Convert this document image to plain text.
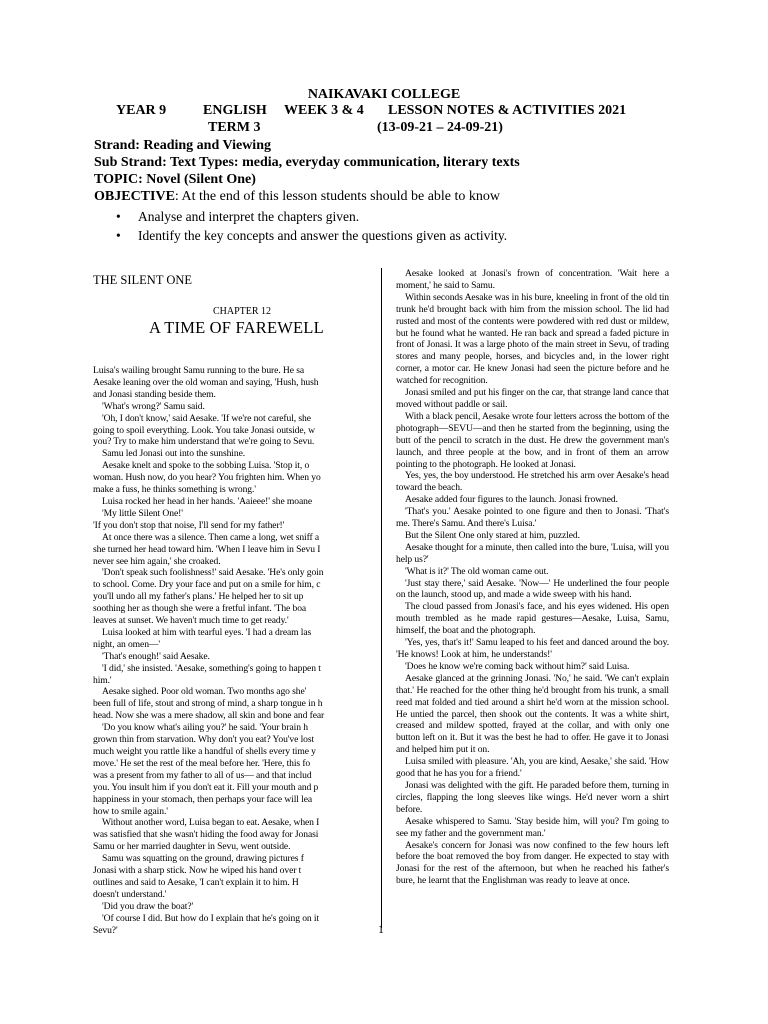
NAIKAVAKI COLLEGE
YEAR 9	ENGLISH WEEK 3 & 4 LESSON NOTES & ACTIVITIES 2021
TERM 3	(13-09-21 – 24-09-21)
Strand: Reading and Viewing
Sub Strand: Text Types: media, everyday communication, literary texts
TOPIC: Novel (Silent One)
OBJECTIVE: At the end of this lesson students should be able to know
• Analyse and interpret the chapters given.
• Identify the key concepts and answer the questions given as activity.
THE SILENT ONE
CHAPTER 12
A TIME OF FAREWELL

Luisa's wailing brought Samu running to the bure. He sa

Aesake leaning over the old woman and saying, 'Hush, hush

and Jonasi standing beside them.

'What's wrong?' Samu said.

'Oh, I don't know,' said Aesake. 'If we're not careful, she

going to spoil everything. Look. You take Jonasi outside, w

you? Try to make him understand that we're going to Sevu.

Samu led Jonasi out into the sunshine.

Aesake knelt and spoke to the sobbing Luisa. 'Stop it, o

woman. Hush now, do you hear? You frighten him. When yo

make a fuss, he thinks something is wrong.'

Luisa rocked her head in her hands. 'Aaieee!' she moane

'My little Silent One!'

'If you don't stop that noise, I'll send for my father!'

At once there was a silence. Then came a long, wet sniff a

she turned her head toward him. 'When I leave him in Sevu I

never see him again,' she croaked.

'Don't speak such foolishness!' said Aesake. 'He's only goin

to school. Come. Dry your face and put on a smile for him, c

you'll undo all my father's plans.' He helped her to sit up

soothing her as though she were a fretful infant. 'The boa

leaves at sunset. We haven't much time to get ready.'

Luisa looked at him with tearful eyes. 'I had a dream las

night, an omen—'

'That's enough!' said Aesake.

'I did,' she insisted. 'Aesake, something's going to happen t

him.'

Aesake sighed. Poor old woman. Two months ago she'

been full of life, stout and strong of mind, a sharp tongue in h

head. Now she was a mere shadow, all skin and bone and fear

'Do you know what's ailing you?' he said. 'Your brain h

grown thin from starvation. Why don't you eat? You've lost

much weight you rattle like a handful of shells every time y

move.' He set the rest of the meal before her. 'Here, this fo

was a present from my father to all of us— and that includ

you. You insult him if you don't eat it. Fill your mouth and p

happiness in your stomach, then perhaps your face will lea

how to smile again.'

Without another word, Luisa began to eat. Aesake, when I

was satisfied that she wasn't hiding the food away for Jonasi

Samu or her married daughter in Sevu, went outside.

Samu was squatting on the ground, drawing pictures f

Jonasi with a sharp stick. Now he wiped his hand over t

outlines and said to Aesake, 'I can't explain it to him. H

doesn't understand.'

'Did you draw the boat?'

'Of course I did. But how do I explain that he's going on it

Sevu?'

Aesake looked at Jonasi's frown of concentration. 'Wait here a moment,' he said to Samu.

Within seconds Aesake was in his bure, kneeling in front of the old tin trunk he'd brought back with him from the mission school. The lid had rusted and most of the contents were powdered with red dust or mildew, but he found what he wanted. He ran back and spread a faded picture in front of Jonasi. It was a large photo of the main street in Sevu, of trading stores and many people, horses, and bicycles and, in the lower right corner, a motor car. He knew Jonasi had seen the picture before and he watched for recognition.

Jonasi smiled and put his finger on the car, that strange land cance that moved without paddle or sail.

With a black pencil, Aesake wrote four letters across the bottom of the photograph—SEVU—and then he started from the beginning, using the butt of the pencil to scratch in the dust. He drew the government man's launch, and three people at the bow, and in front of them an arrow pointing to the photograph. He looked at Jonasi.

Yes, yes, the boy understood. He stretched his arm over Aesake's head toward the beach.

Aesake added four figures to the launch. Jonasi frowned.

'That's you.' Aesake pointed to one figure and then to Jonasi. 'That's me. There's Samu. And there's Luisa.'

But the Silent One only stared at him, puzzled.

Aesake thought for a minute, then called into the bure, 'Luisa, will you help us?'

'What is it?' The old woman came out.

'Just stay there,' said Aesake. 'Now—' He underlined the four people on the launch, stood up, and made a wide sweep with his hand.

The cloud passed from Jonasi's face, and his eyes widened. His open mouth trembled as he made rapid gestures—Aesake, Luisa, Samu, himself, the boat and the photograph.

'Yes, yes, that's it!' Samu leaped to his feet and danced around the boy. 'He knows! Look at him, he understands!'

'Does he know we're coming back without him?' said Luisa.

Aesake glanced at the grinning Jonasi. 'No,' he said. 'We can't explain that.' He reached for the other thing he'd brought from his trunk, a small reed mat folded and tied around a shirt he'd worn at the mission school. He untied the parcel, then shook out the contents. It was a white shirt, creased and mildew spotted, frayed at the collar, and with only one button left on it. But it was the best he had to offer. He gave it to Jonasi and helped him put it on.

Luisa smiled with pleasure. 'Ah, you are kind, Aesake,' she said. 'How good that he has you for a friend.'

Jonasi was delighted with the gift. He paraded before them, turning in circles, flapping the long sleeves like wings. He'd never worn a shirt before.

Aesake whispered to Samu. 'Stay beside him, will you? I'm going to see my father and the government man.'

Aesake's concern for Jonasi was now confined to the few hours left before the boat removed the boy from danger. He expected to stay with Jonasi for the rest of the afternoon, but when he reached his father's bure, he learnt that the Englishman was ready to leave at once.

1
